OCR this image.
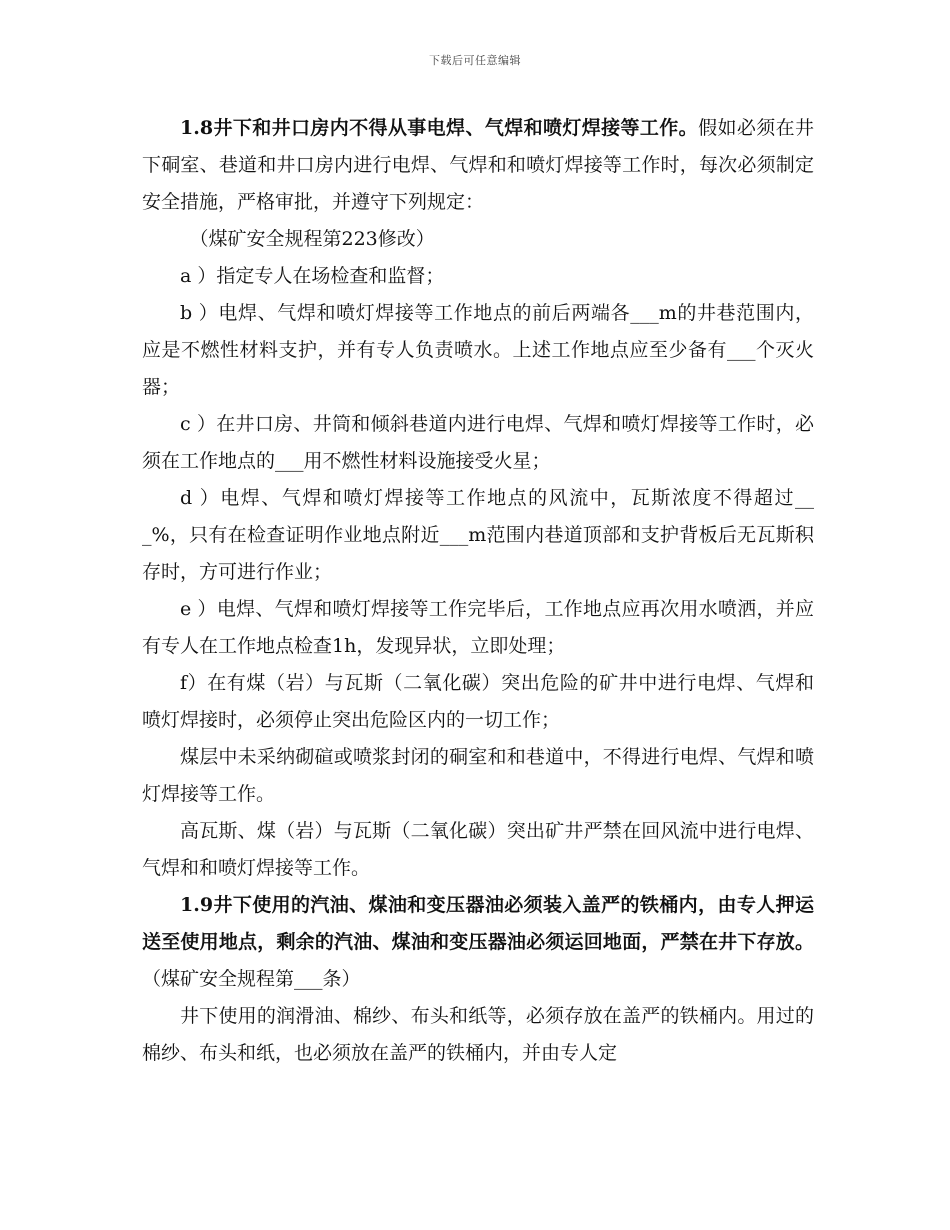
下载后可任意编辑

1.8井下和井口房内不得从事电焊、气焊和喷灯焊接等工作。假如必须在井下硐室、巷道和井口房内进行电焊、气焊和和喷灯焊接等工作时，每次必须制定安全措施，严格审批，并遵守下列规定：

（煤矿安全规程第223修改）

a ）指定专人在场检查和监督；

b ）电焊、气焊和喷灯焊接等工作地点的前后两端各___m的井巷范围内，应是不燃性材料支护，并有专人负责喷水。上述工作地点应至少备有___个灭火器；

c ）在井口房、井筒和倾斜巷道内进行电焊、气焊和喷灯焊接等工作时，必须在工作地点的___用不燃性材料设施接受火星；

d ）电焊、气焊和喷灯焊接等工作地点的风流中，瓦斯浓度不得超过___%，只有在检查证明作业地点附近___m范围内巷道顶部和支护背板后无瓦斯积存时，方可进行作业；

e ）电焊、气焊和喷灯焊接等工作完毕后，工作地点应再次用水喷洒，并应有专人在工作地点检查1h，发现异状，立即处理；

f）在有煤（岩）与瓦斯（二氧化碳）突出危险的矿井中进行电焊、气焊和喷灯焊接时，必须停止突出危险区内的一切工作；

煤层中未采纳砌碹或喷浆封闭的硐室和和巷道中，不得进行电焊、气焊和喷灯焊接等工作。

高瓦斯、煤（岩）与瓦斯（二氧化碳）突出矿井严禁在回风流中进行电焊、气焊和和喷灯焊接等工作。

1.9井下使用的汽油、煤油和变压器油必须装入盖严的铁桶内，由专人押运送至使用地点，剩余的汽油、煤油和变压器油必须运回地面，严禁在井下存放。（煤矿安全规程第___条）

井下使用的润滑油、棉纱、布头和纸等，必须存放在盖严的铁桶内。用过的棉纱、布头和纸，也必须放在盖严的铁桶内，并由专人定
